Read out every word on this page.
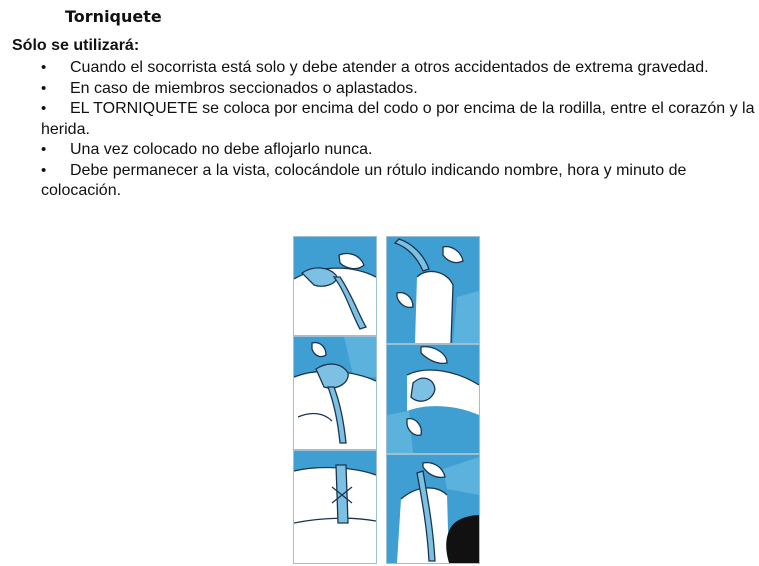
Torniquete
Sólo se utilizará:
• Cuando el socorrista está solo y debe atender a otros accidentados de extrema gravedad.
• En caso de miembros seccionados o aplastados.
• EL TORNIQUETE se coloca por encima del codo o por encima de la rodilla, entre el corazón y la herida.
• Una vez colocado no debe aflojarlo nunca.
• Debe permanecer a la vista, colocándole un rótulo indicando nombre, hora y minuto de colocación.
